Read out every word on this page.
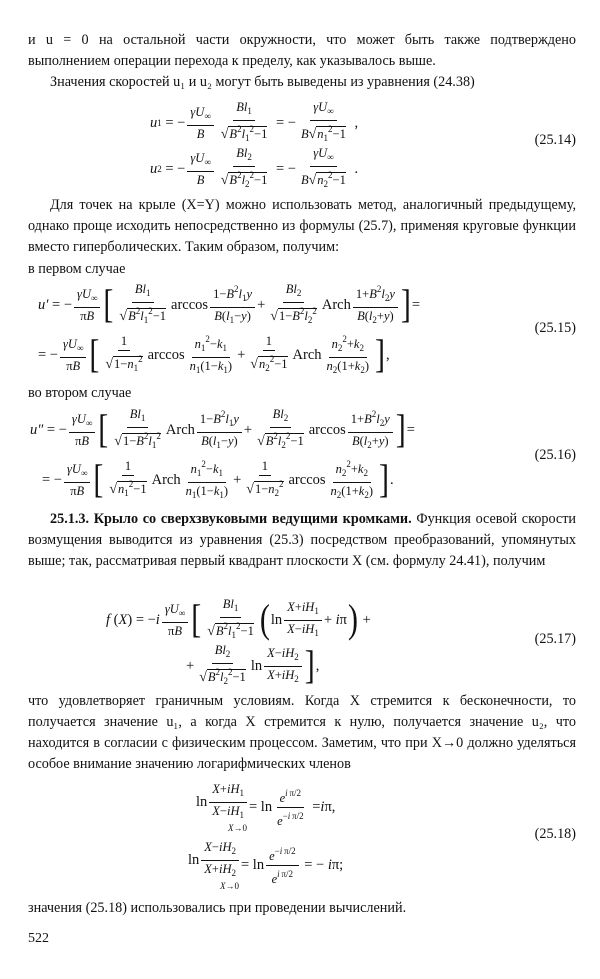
и u = 0 на остальной части окружности, что может быть также подтверждено выполнением операции перехода к пределу, как указывалось выше.

Значения скоростей u₁ и u₂ могут быть выведены из уравнения (24.38)

u 1 = − $\frac{\gamma U_\infty}{B} \frac{Bl_1}{√B^2l_1^2-1}$ = − $\frac{\gamma U_\infty}{B√n_1^2-1}$ ,
u 2 = − $\frac{\gamma U_\infty}{B} \frac{Bl_2}{√B^2l_2^2-1}$ = − $\frac{\gamma U_\infty}{B√n_2^2-1}$ .
(25.14)

Для точек на крыле (X=Y) можно использовать метод, аналогичный предыдущему, однако проще исходить непосредственно из формулы (25.7), применяя круговые функции вместо гиперболических. Таким образом, получим:

в первом случае

u′ = − $\frac{\gamma U_\infty}{\pi B}$ [ $\frac{Bl_1}{√B^2l_1^2-1}$ $\arccos \frac{1-B^2l_1y}{B(l_1-y)} + \frac{Bl_2}{√1-B^2l_2^2}$ Arch $\frac{1+B^2l_2y}{B(l_2+y)}$ ] =
= − $\frac{\gamma U_\infty}{\pi B}$ [ $\frac{1}{√1-n_1^2}$ $\arccos \frac{n_1^2-k_1}{n_1(1-k_1)} + \frac{1}{√n_2^2-1}$ Arch $\frac{n_2^2+k_2}{n_2(1+k_2)}$ ] ,
(25.15)

во втором случае

u″ = − $\frac{\gamma U_\infty}{\pi B}$ [ $\frac{Bl_1}{√1-B^2l_1^2}$ Arch $\frac{1-B^2l_1y}{B(l_1-y)} + \frac{Bl_2}{√B^2l_2^2-1}$ $\arccos \frac{1+B^2l_2y}{B(l_2+y)}$ ] =
= − $\frac{\gamma U_\infty}{\pi B}$ [ $\frac{1}{√n_1^2-1}$ Arch $\frac{n_1^2-k_1}{n_1(1-k_1)} + \frac{1}{√1-n_2^2}$ $\arccos \frac{n_2^2+k_2}{n_2(1+k_2)}$ ] .
(25.16)

25.1.3. Крыло со сверхзвуковыми ведущими кромками. Функция осевой скорости возмущения выводится из уравнения (25.3) посредством преобразований, упомянутых выше; так, рассматривая первый квадрант плоскости X (см. формулу 24.41), получим

f ( X ) = − i $\frac{\gamma U_\infty}{\pi B}$ [ $\frac{Bl_1}{√B^2l_1^2-1}$ ( $\ln \frac{X+iH_1}{X-iH_1} + i$ π ) +
+ $\frac{Bl_2}{√B^2l_2^2-1}$ $\ln \frac{X-iH_2}{X+iH_2}$ ] ,
(25.17)

что удовлетворяет граничным условиям. Когда X стремится к бесконечности, то получается значение u₁, а когда X стремится к нулю, получается значение u₂, что находится в согласии с физическим процессом. Заметим, что при X→0 должно уделяться особое внимание значению логарифмических членов

$\ln \frac{X+iH_1}{X-iH_1}$
X→0
= $\ln \frac{e^{i \pi/2}}{e^{-i \pi/2}} = i$ π,
$\ln \frac{X-iH_2}{X+iH_2}$
X→0
= $\ln \frac{e^{-i \pi/2}}{e^{i \pi/2}}$ = − i π;
(25.18)

значения (25.18) использовались при проведении вычислений.

522
